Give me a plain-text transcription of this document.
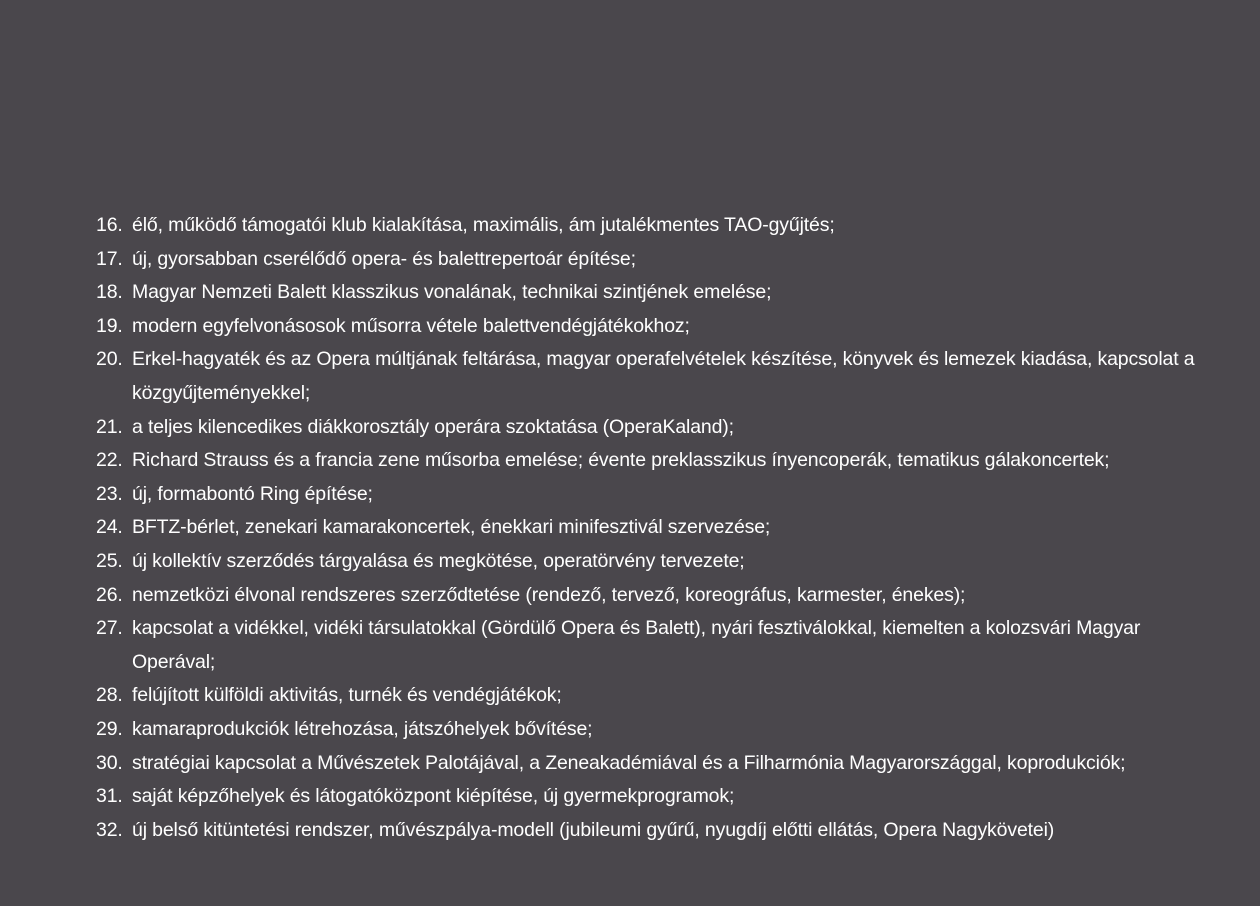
16. élő, működő támogatói klub kialakítása, maximális, ám jutalékmentes TAO-gyűjtés;
17. új, gyorsabban cserélődő opera- és balettrepertoár építése;
18. Magyar Nemzeti Balett klasszikus vonalának, technikai szintjének emelése;
19. modern egyfelvonásosok műsorra vétele balettvendégjátékokhoz;
20. Erkel-hagyaték és az Opera múltjának feltárása, magyar operafelvételek készítése, könyvek és lemezek kiadása, kapcsolat a közgyűjteményekkel;
21. a teljes kilencedikes diákkorosztály operára szoktatása (OperaKaland);
22. Richard Strauss és a francia zene műsorba emelése; évente preklasszikus ínyencoperák, tematikus gálakoncertek;
23. új, formabontó Ring építése;
24. BFTZ-bérlet, zenekari kamarakoncertek, énekkari minifesztivál szervezése;
25. új kollektív szerződés tárgyalása és megkötése, operatörvény tervezete;
26. nemzetközi élvonal rendszeres szerződtetése (rendező, tervező, koreográfus, karmester, énekes);
27. kapcsolat a vidékkel, vidéki társulatokkal (Gördülő Opera és Balett), nyári fesztiválokkal, kiemelten a kolozsvári Magyar Operával;
28. felújított külföldi aktivitás, turnék és vendégjátékok;
29. kamaraprodukciók létrehozása, játszóhelyek bővítése;
30. stratégiai kapcsolat a Művészetek Palotájával, a Zeneakadémiával és a Filharmónia Magyarországgal, koprodukciók;
31. saját képzőhelyek és látogatóközpont kiépítése, új gyermekprogramok;
32. új belső kitüntetési rendszer, művészpálya-modell (jubileumi gyűrű, nyugdíj előtti ellátás, Opera Nagykövetei)
